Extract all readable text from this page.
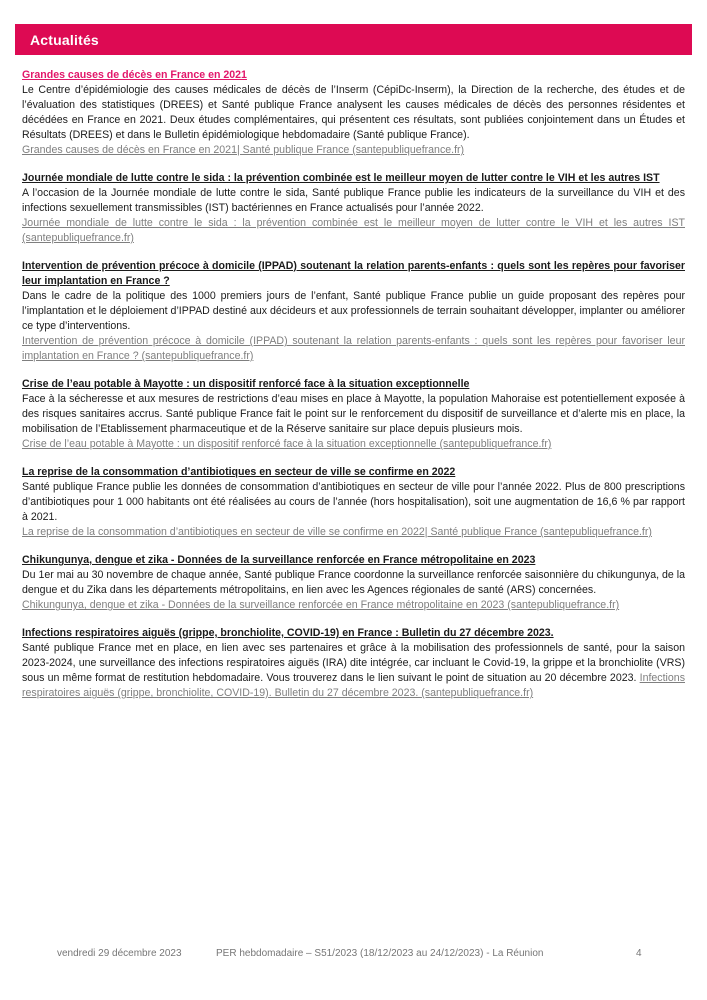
Actualités
Grandes causes de décès en France en 2021

Le Centre d’épidémiologie des causes médicales de décès de l’Inserm (CépiDc-Inserm), la Direction de la recherche, des études et de l’évaluation des statistiques (DREES) et Santé publique France analysent les causes médicales de décès des personnes résidentes et décédées en France en 2021. Deux études complémentaires, qui présentent ces résultats, sont publiées conjointement dans un Études et Résultats (DREES) et dans le Bulletin épidémiologique hebdomadaire (Santé publique France).

Grandes causes de décès en France en 2021| Santé publique France (santepubliquefrance.fr)

Journée mondiale de lutte contre le sida : la prévention combinée est le meilleur moyen de lutter contre le VIH et les autres IST

A l’occasion de la Journée mondiale de lutte contre le sida, Santé publique France publie les indicateurs de la surveillance du VIH et des infections sexuellement transmissibles (IST) bactériennes en France actualisés pour l’année 2022.

Journée mondiale de lutte contre le sida : la prévention combinée est le meilleur moyen de lutter contre le VIH et les autres IST (santepubliquefrance.fr)

Intervention de prévention précoce à domicile (IPPAD) soutenant la relation parents-enfants : quels sont les repères pour favoriser leur implantation en France ?

Dans le cadre de la politique des 1000 premiers jours de l’enfant, Santé publique France publie un guide proposant des repères pour l’implantation et le déploiement d’IPPAD destiné aux décideurs et aux professionnels de terrain souhaitant développer, implanter ou améliorer ce type d’interventions.

Intervention de prévention précoce à domicile (IPPAD) soutenant la relation parents-enfants : quels sont les repères pour favoriser leur implantation en France ? (santepubliquefrance.fr)

Crise de l’eau potable à Mayotte : un dispositif renforcé face à la situation exceptionnelle

Face à la sécheresse et aux mesures de restrictions d’eau mises en place à Mayotte, la population Mahoraise est potentiellement exposée à des risques sanitaires accrus. Santé publique France fait le point sur le renforcement du dispositif de surveillance et d’alerte mis en place, la mobilisation de l’Etablissement pharmaceutique et de la Réserve sanitaire sur place depuis plusieurs mois.

Crise de l’eau potable à Mayotte : un dispositif renforcé face à la situation exceptionnelle (santepubliquefrance.fr)

La reprise de la consommation d’antibiotiques en secteur de ville se confirme en 2022

Santé publique France publie les données de consommation d’antibiotiques en secteur de ville pour l’année 2022. Plus de 800 prescriptions d’antibiotiques pour 1 000 habitants ont été réalisées au cours de l’année (hors hospitalisation), soit une augmentation de 16,6 % par rapport à 2021.

La reprise de la consommation d’antibiotiques en secteur de ville se confirme en 2022| Santé publique France (santepubliquefrance.fr)

Chikungunya, dengue et zika - Données de la surveillance renforcée en France métropolitaine en 2023

Du 1er mai au 30 novembre de chaque année, Santé publique France coordonne la surveillance renforcée saisonnière du chikungunya, de la dengue et du Zika dans les départements métropolitains, en lien avec les Agences régionales de santé (ARS) concernées.

Chikungunya, dengue et zika - Données de la surveillance renforcée en France métropolitaine en 2023 (santepubliquefrance.fr)

Infections respiratoires aiguës (grippe, bronchiolite, COVID-19) en France : Bulletin du 27 décembre 2023.

Santé publique France met en place, en lien avec ses partenaires et grâce à la mobilisation des professionnels de santé, pour la saison 2023-2024, une surveillance des infections respiratoires aiguës (IRA) dite intégrée, car incluant le Covid-19, la grippe et la bronchiolite (VRS) sous un même format de restitution hebdomadaire. Vous trouverez dans le lien suivant le point de situation au 20 décembre 2023. Infections respiratoires aiguës (grippe, bronchiolite, COVID-19). Bulletin du 27 décembre 2023. (santepubliquefrance.fr)

vendredi 29 décembre 2023	PER hebdomadaire – S51/2023 (18/12/2023 au 24/12/2023) - La Réunion	4
